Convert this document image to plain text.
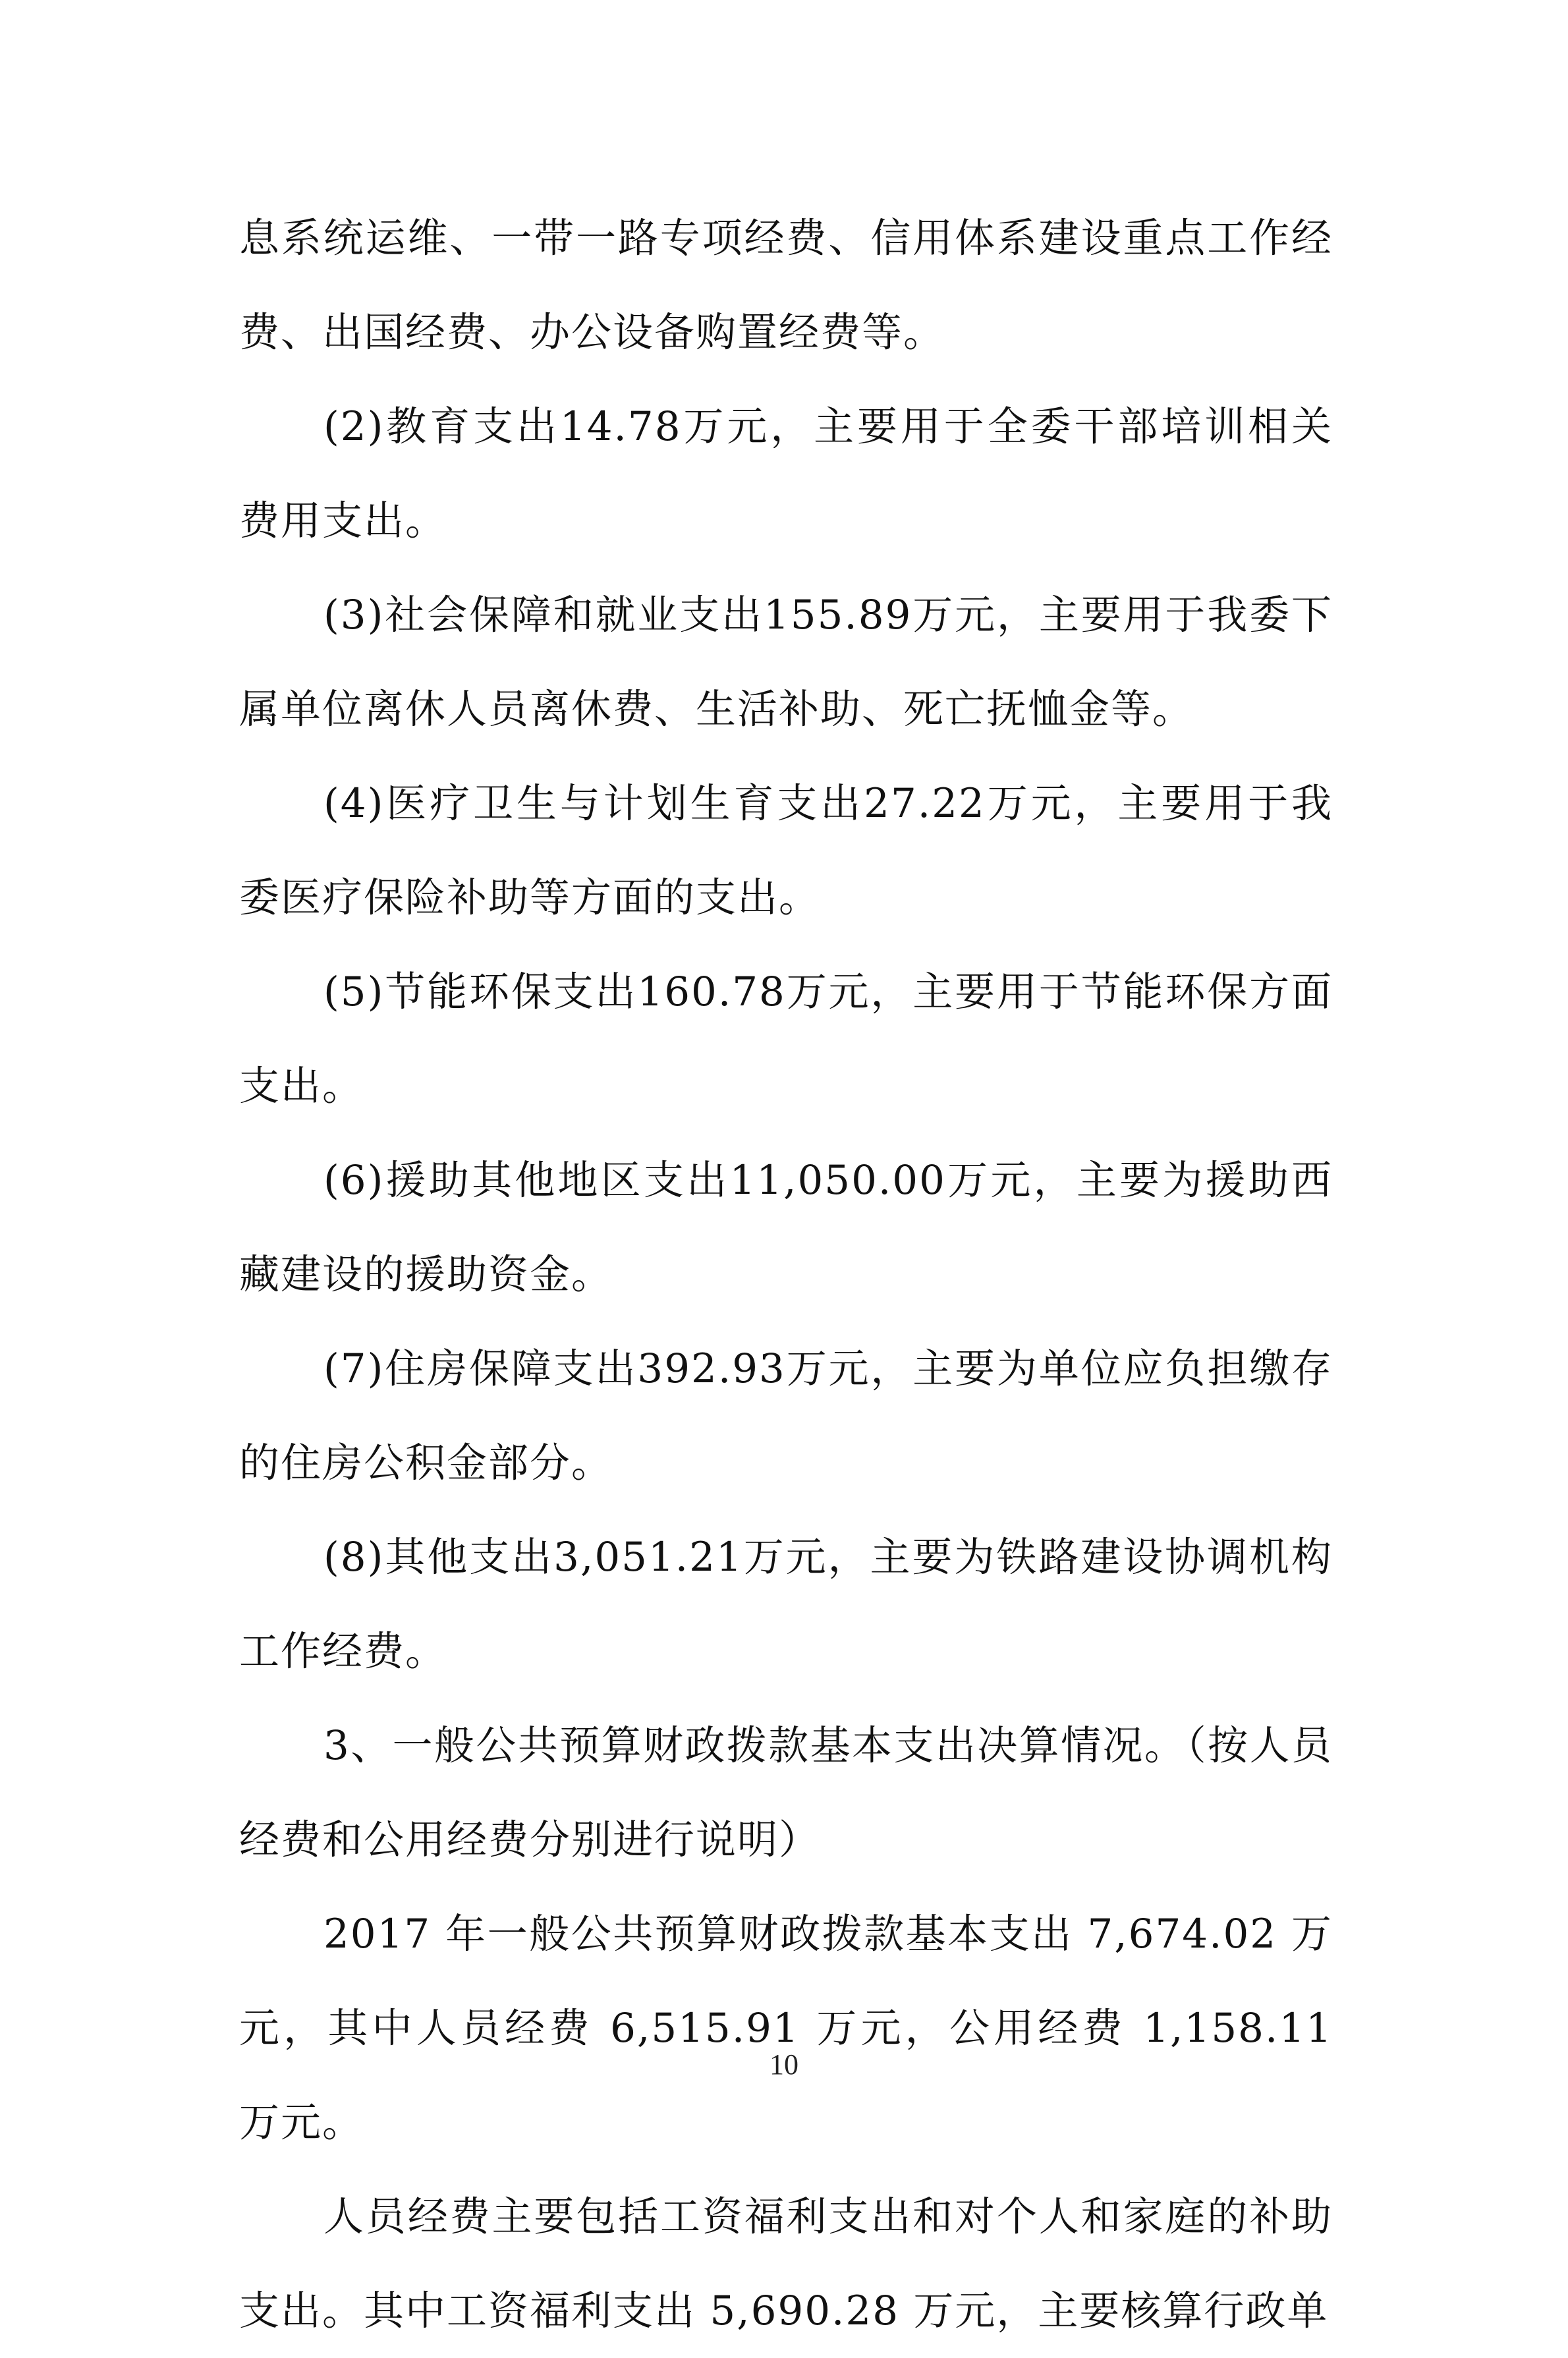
息系统运维、一带一路专项经费、信用体系建设重点工作经费、出国经费、办公设备购置经费等。

(2)教育支出14.78万元，主要用于全委干部培训相关费用支出。

(3)社会保障和就业支出155.89万元，主要用于我委下属单位离休人员离休费、生活补助、死亡抚恤金等。

(4)医疗卫生与计划生育支出27.22万元，主要用于我委医疗保险补助等方面的支出。

(5)节能环保支出160.78万元，主要用于节能环保方面支出。

(6)援助其他地区支出11,050.00万元，主要为援助西藏建设的援助资金。

(7)住房保障支出392.93万元，主要为单位应负担缴存的住房公积金部分。

(8)其他支出3,051.21万元，主要为铁路建设协调机构工作经费。

3、一般公共预算财政拨款基本支出决算情况。（按人员经费和公用经费分别进行说明）

2017 年一般公共预算财政拨款基本支出 7,674.02 万元，其中人员经费 6,515.91 万元，公用经费 1,158.11 万元。

人员经费主要包括工资福利支出和对个人和家庭的补助支出。其中工资福利支出 5,690.28 万元，主要核算行政单

10
